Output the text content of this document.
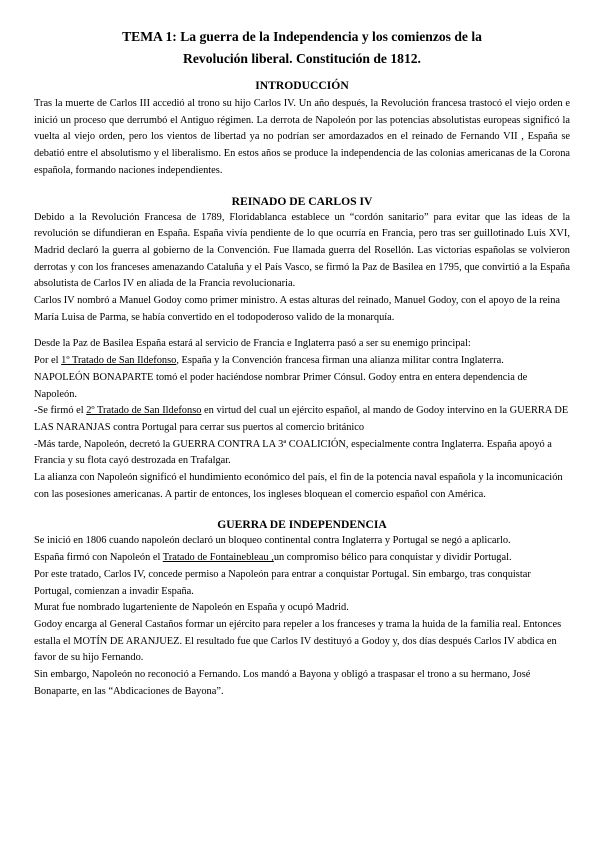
TEMA 1: La guerra de la Independencia y los comienzos de la
Revolución liberal. Constitución de 1812.
INTRODUCCIÓN

Tras la muerte de Carlos III accedió al trono su hijo Carlos IV. Un año después, la Revolución francesa trastocó el viejo orden e inició un proceso que derrumbó el Antiguo régimen. La derrota de Napoleón por las potencias absolutistas europeas significó la vuelta al viejo orden, pero los vientos de libertad ya no podrían ser amordazados en el reinado de Fernando VII , España se debatió entre el absolutismo y el liberalismo. En estos años se produce la independencia de las colonias americanas de la Corona española, formando naciones independientes.

REINADO DE CARLOS IV

Debido a la Revolución Francesa de 1789, Floridablanca establece un “cordón sanitario” para evitar que las ideas de la revolución se difundieran en España. España vivía pendiente de lo que ocurría en Francia, pero tras ser guillotinado Luis XVI, Madrid declaró la guerra al gobierno de la Convención. Fue llamada guerra del Rosellón. Las victorias españolas se volvieron derrotas y con los franceses amenazando Cataluña y el País Vasco, se firmó la Paz de Basilea en 1795, que convirtió a la España absolutista de Carlos IV en aliada de la Francia revolucionaria.

Carlos IV nombró a Manuel Godoy como primer ministro. A estas alturas del reinado, Manuel Godoy, con el apoyo de la reina María Luisa de Parma, se había convertido en el todopoderoso valido de la monarquía.

Desde la Paz de Basilea España estará al servicio de Francia e Inglaterra pasó a ser su enemigo principal:

Por el 1º Tratado de San Ildefonso, España y la Convención francesa firman una alianza militar contra Inglaterra.

NAPOLEÓN BONAPARTE tomó el poder haciéndose nombrar Primer Cónsul. Godoy entra en entera dependencia de Napoleón.

-Se firmó el 2º Tratado de San Ildefonso en virtud del cual un ejército español, al mando de Godoy intervino en la GUERRA DE LAS NARANJAS contra Portugal para cerrar sus puertos al comercio británico

-Más tarde, Napoleón, decretó la GUERRA CONTRA LA 3ª COALICIÓN, especialmente contra Inglaterra. España apoyó a Francia y su flota cayó destrozada en Trafalgar.

La alianza con Napoleón significó el hundimiento económico del país, el fin de la potencia naval española y la incomunicación con las posesiones americanas. A partir de entonces, los ingleses bloquean el comercio español con América.

GUERRA DE INDEPENDENCIA

Se inició en 1806 cuando napoleón declaró un bloqueo continental contra Inglaterra y Portugal se negó a aplicarlo.

España firmó con Napoleón el Tratado de Fontainebleau ,un compromiso bélico para conquistar y dividir Portugal.

Por este tratado, Carlos IV, concede permiso a Napoleón para entrar a conquistar Portugal. Sin embargo, tras conquistar Portugal, comienzan a invadir España.

Murat fue nombrado lugarteniente de Napoleón en España y ocupó Madrid.

Godoy encarga al General Castaños formar un ejército para repeler a los franceses y trama la huida de la familia real. Entonces estalla el MOTÍN DE ARANJUEZ. El resultado fue que Carlos IV destituyó a Godoy y, dos días después Carlos IV abdica en favor de su hijo Fernando.

Sin embargo, Napoleón no reconoció a Fernando. Los mandó a Bayona y obligó a traspasar el trono a su hermano, José Bonaparte, en las “Abdicaciones de Bayona”.
